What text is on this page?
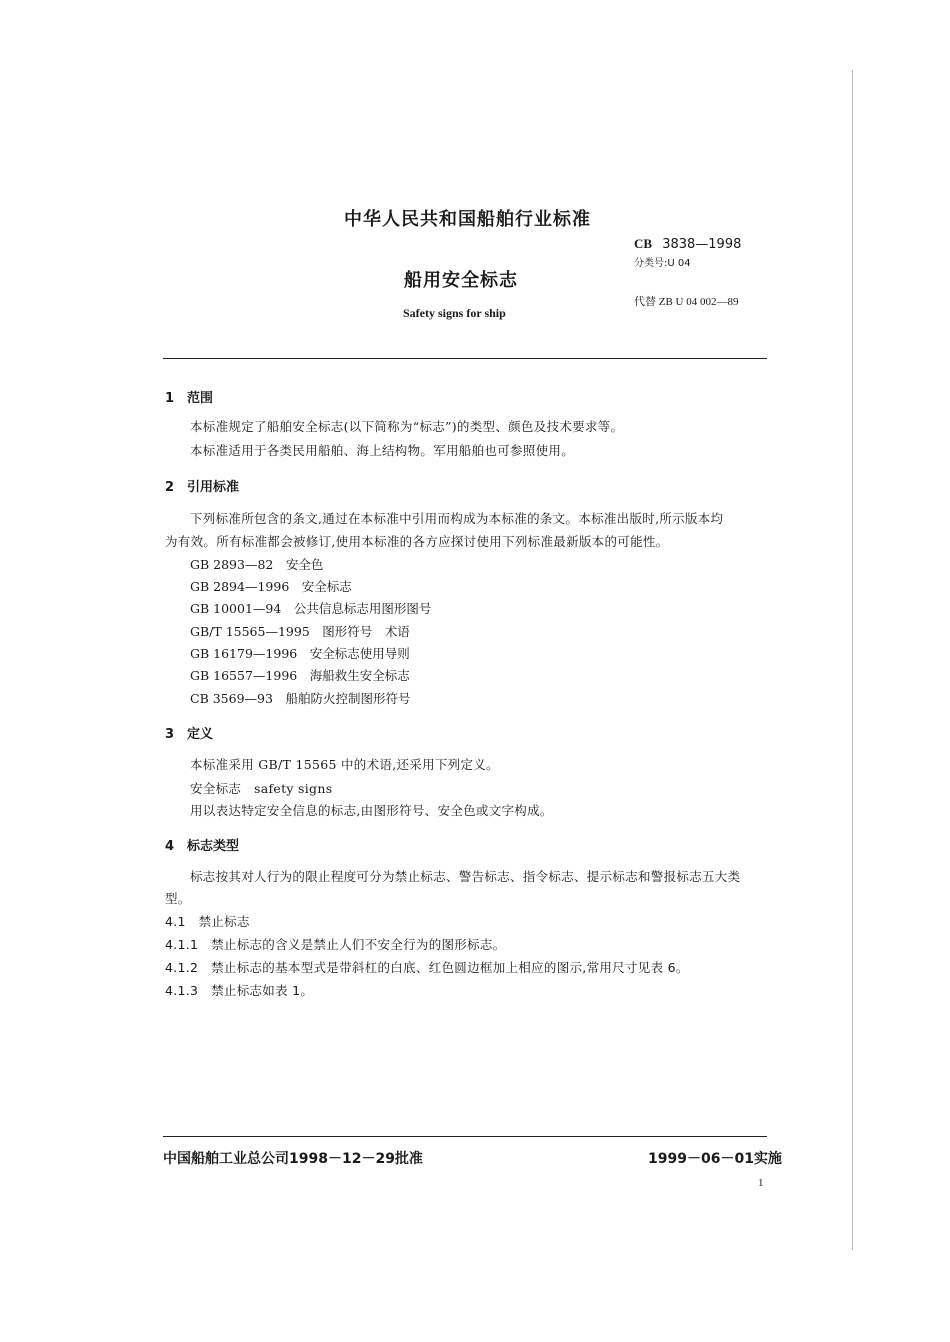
中华人民共和国船舶行业标准
CB 3838—1998
分类号:U 04
船用安全标志
代替 ZB U 04 002—89
Safety signs for ship
1　范围
本标准规定了船舶安全标志(以下简称为“标志”)的类型、颜色及技术要求等。
本标准适用于各类民用船舶、海上结构物。军用船舶也可参照使用。
2　引用标准
下列标准所包含的条文,通过在本标准中引用而构成为本标准的条文。本标准出版时,所示版本均
为有效。所有标准都会被修订,使用本标准的各方应探讨使用下列标准最新版本的可能性。
GB 2893—82　安全色
GB 2894—1996　安全标志
GB 10001—94　公共信息标志用图形图号
GB/T 15565—1995　图形符号　术语
GB 16179—1996　安全标志使用导则
GB 16557—1996　海船救生安全标志
CB 3569—93　船舶防火控制图形符号
3　定义
本标准采用 GB/T 15565 中的术语,还采用下列定义。
安全标志　safety signs
用以表达特定安全信息的标志,由图形符号、安全色或文字构成。
4　标志类型
标志按其对人行为的限止程度可分为禁止标志、警告标志、指令标志、提示标志和警报标志五大类
型。
4.1　禁止标志
4.1.1　禁止标志的含义是禁止人们不安全行为的图形标志。
4.1.2　禁止标志的基本型式是带斜杠的白底、红色圆边框加上相应的图示,常用尺寸见表 6。
4.1.3　禁止标志如表 1。
中国船舶工业总公司1998－12－29批准	1999－06－01实施
1
